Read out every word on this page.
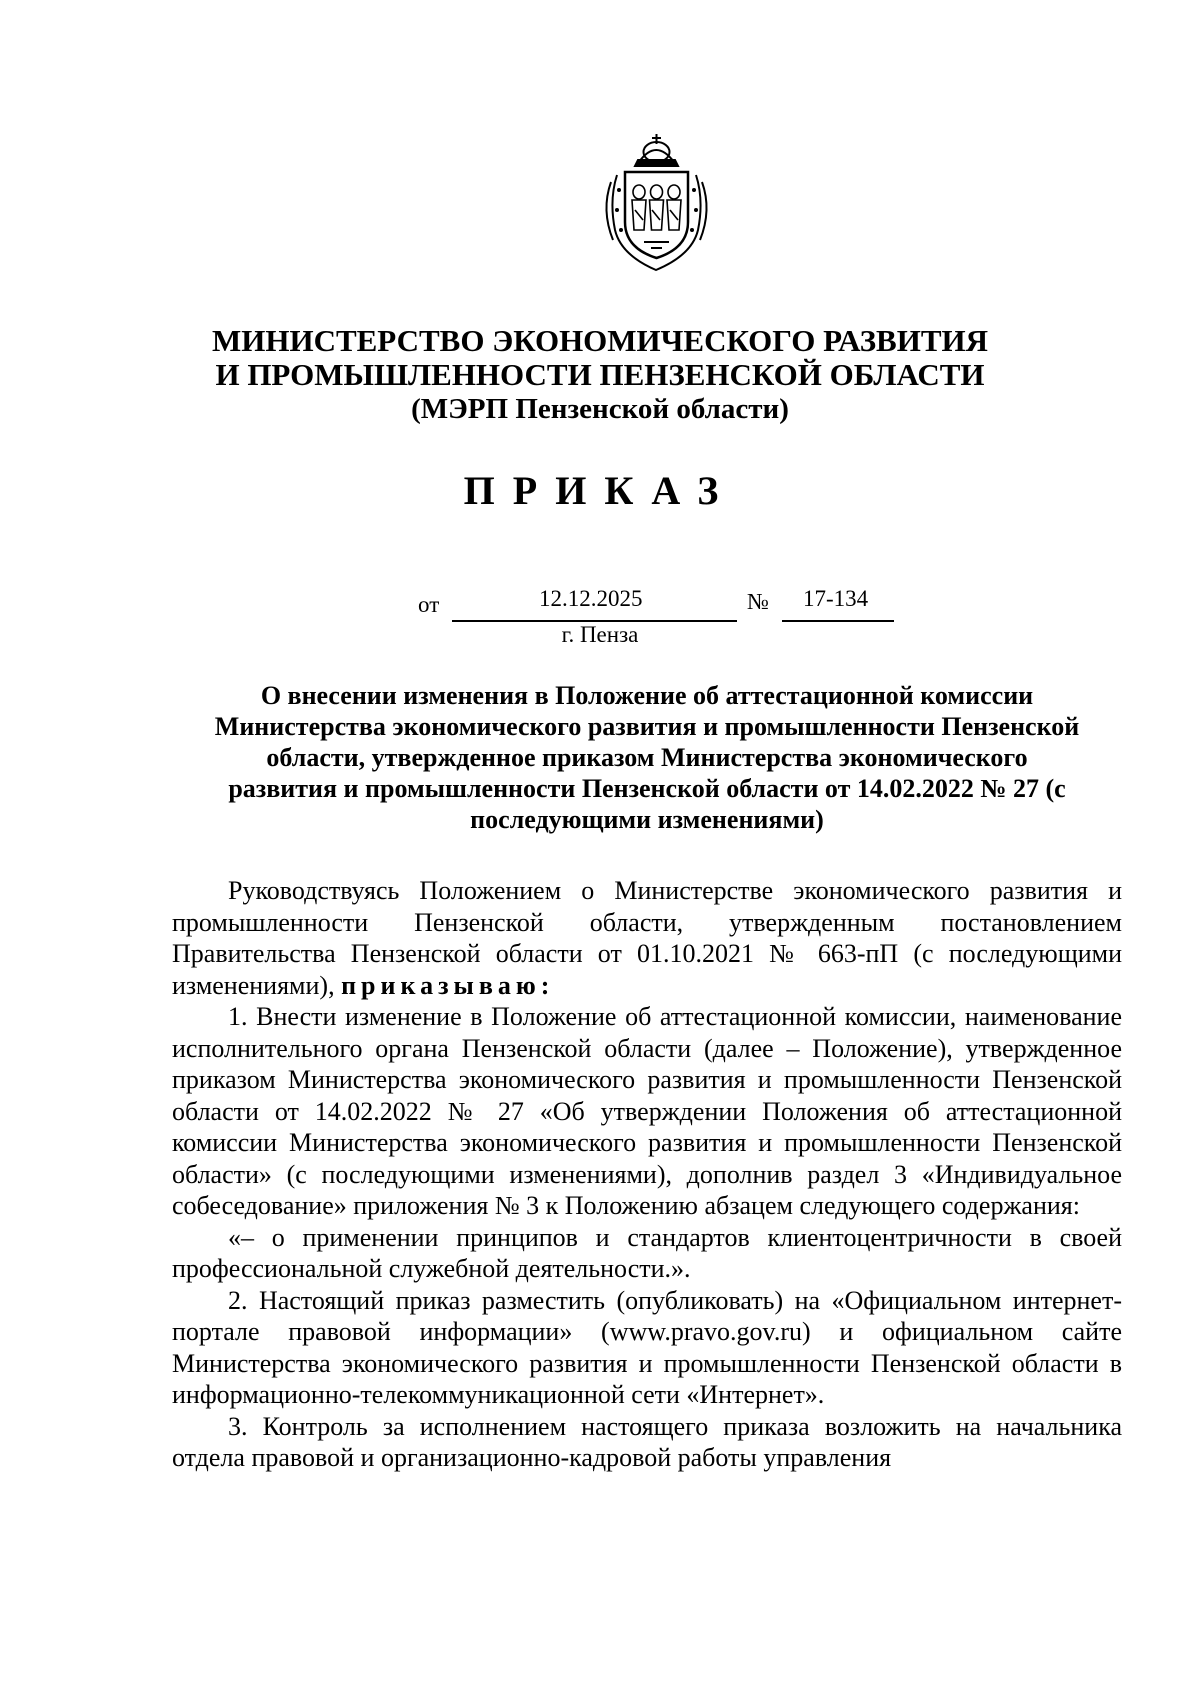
МИНИСТЕРСТВО ЭКОНОМИЧЕСКОГО РАЗВИТИЯ
И ПРОМЫШЛЕННОСТИ ПЕНЗЕНСКОЙ ОБЛАСТИ
(МЭРП Пензенской области)
ПРИКАЗ
от	12.12.2025	№ 17-134
г. Пенза
О внесении изменения в Положение об аттестационной комиссии
Министерства экономического развития и промышленности Пензенской
области, утвержденное приказом Министерства экономического
развития и промышленности Пензенской области от 14.02.2022 № 27 (с
последующими изменениями)

Руководствуясь Положением о Министерстве экономического развития и промышленности Пензенской области, утвержденным постановлением Правительства Пензенской области от 01.10.2021 № 663-пП (с последующими изменениями), приказываю:

1. Внести изменение в Положение об аттестационной комиссии, наименование исполнительного органа Пензенской области (далее – Положение), утвержденное приказом Министерства экономического развития и промышленности Пензенской области от 14.02.2022 № 27 «Об утверждении Положения об аттестационной комиссии Министерства экономического развития и промышленности Пензенской области» (с последующими изменениями), дополнив раздел 3 «Индивидуальное собеседование» приложения № 3 к Положению абзацем следующего содержания:

«– о применении принципов и стандартов клиентоцентричности в своей профессиональной служебной деятельности.».

2. Настоящий приказ разместить (опубликовать) на «Официальном интернет-портале правовой информации» (www.pravo.gov.ru) и официальном сайте Министерства экономического развития и промышленности Пензенской области в информационно-телекоммуникационной сети «Интернет».

3. Контроль за исполнением настоящего приказа возложить на начальника отдела правовой и организационно-кадровой работы управления
